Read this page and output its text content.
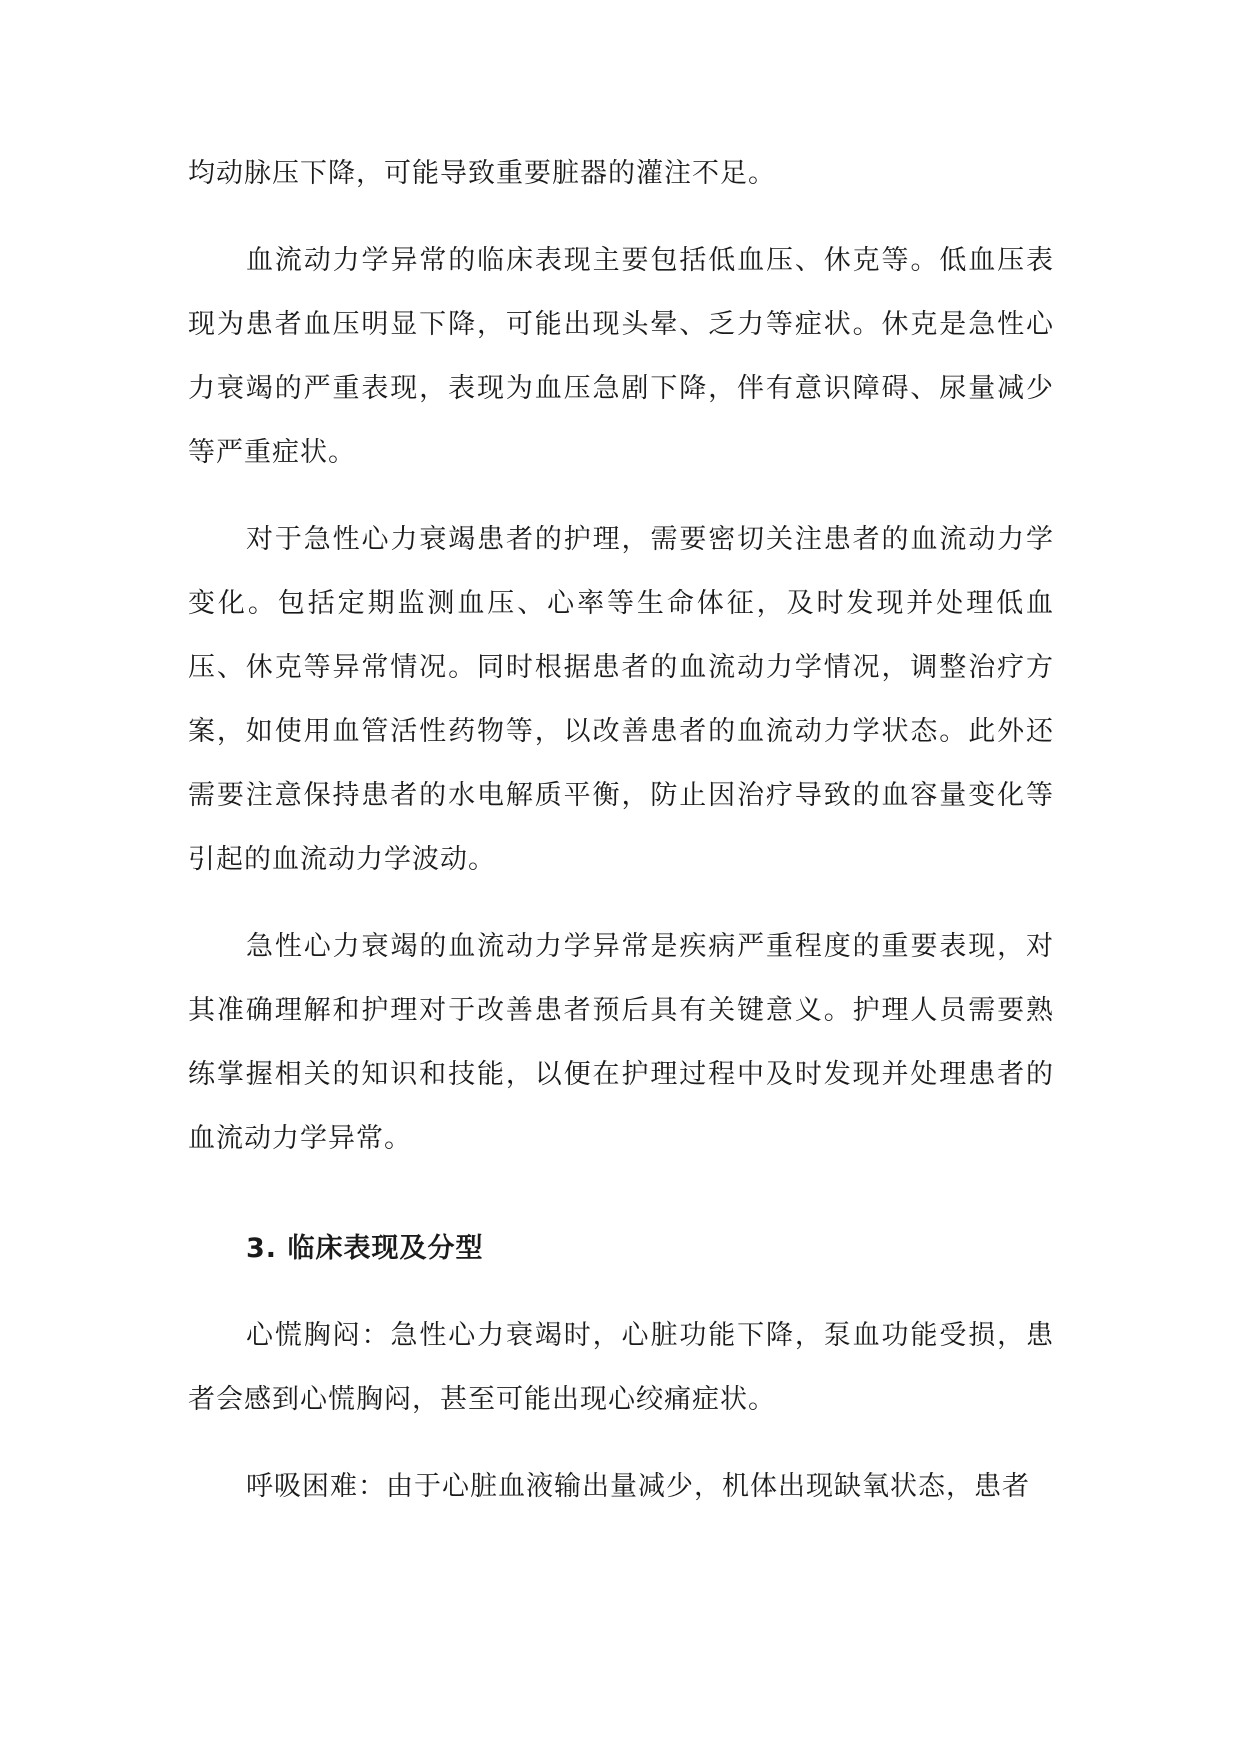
均动脉压下降，可能导致重要脏器的灌注不足。

血流动力学异常的临床表现主要包括低血压、休克等。低血压表现为患者血压明显下降，可能出现头晕、乏力等症状。休克是急性心力衰竭的严重表现，表现为血压急剧下降，伴有意识障碍、尿量减少等严重症状。

对于急性心力衰竭患者的护理，需要密切关注患者的血流动力学变化。包括定期监测血压、心率等生命体征，及时发现并处理低血压、休克等异常情况。同时根据患者的血流动力学情况，调整治疗方案，如使用血管活性药物等，以改善患者的血流动力学状态。此外还需要注意保持患者的水电解质平衡，防止因治疗导致的血容量变化等引起的血流动力学波动。

急性心力衰竭的血流动力学异常是疾病严重程度的重要表现，对其准确理解和护理对于改善患者预后具有关键意义。护理人员需要熟练掌握相关的知识和技能，以便在护理过程中及时发现并处理患者的血流动力学异常。

3. 临床表现及分型

心慌胸闷：急性心力衰竭时，心脏功能下降，泵血功能受损，患者会感到心慌胸闷，甚至可能出现心绞痛症状。

呼吸困难：由于心脏血液输出量减少，机体出现缺氧状态，患者
